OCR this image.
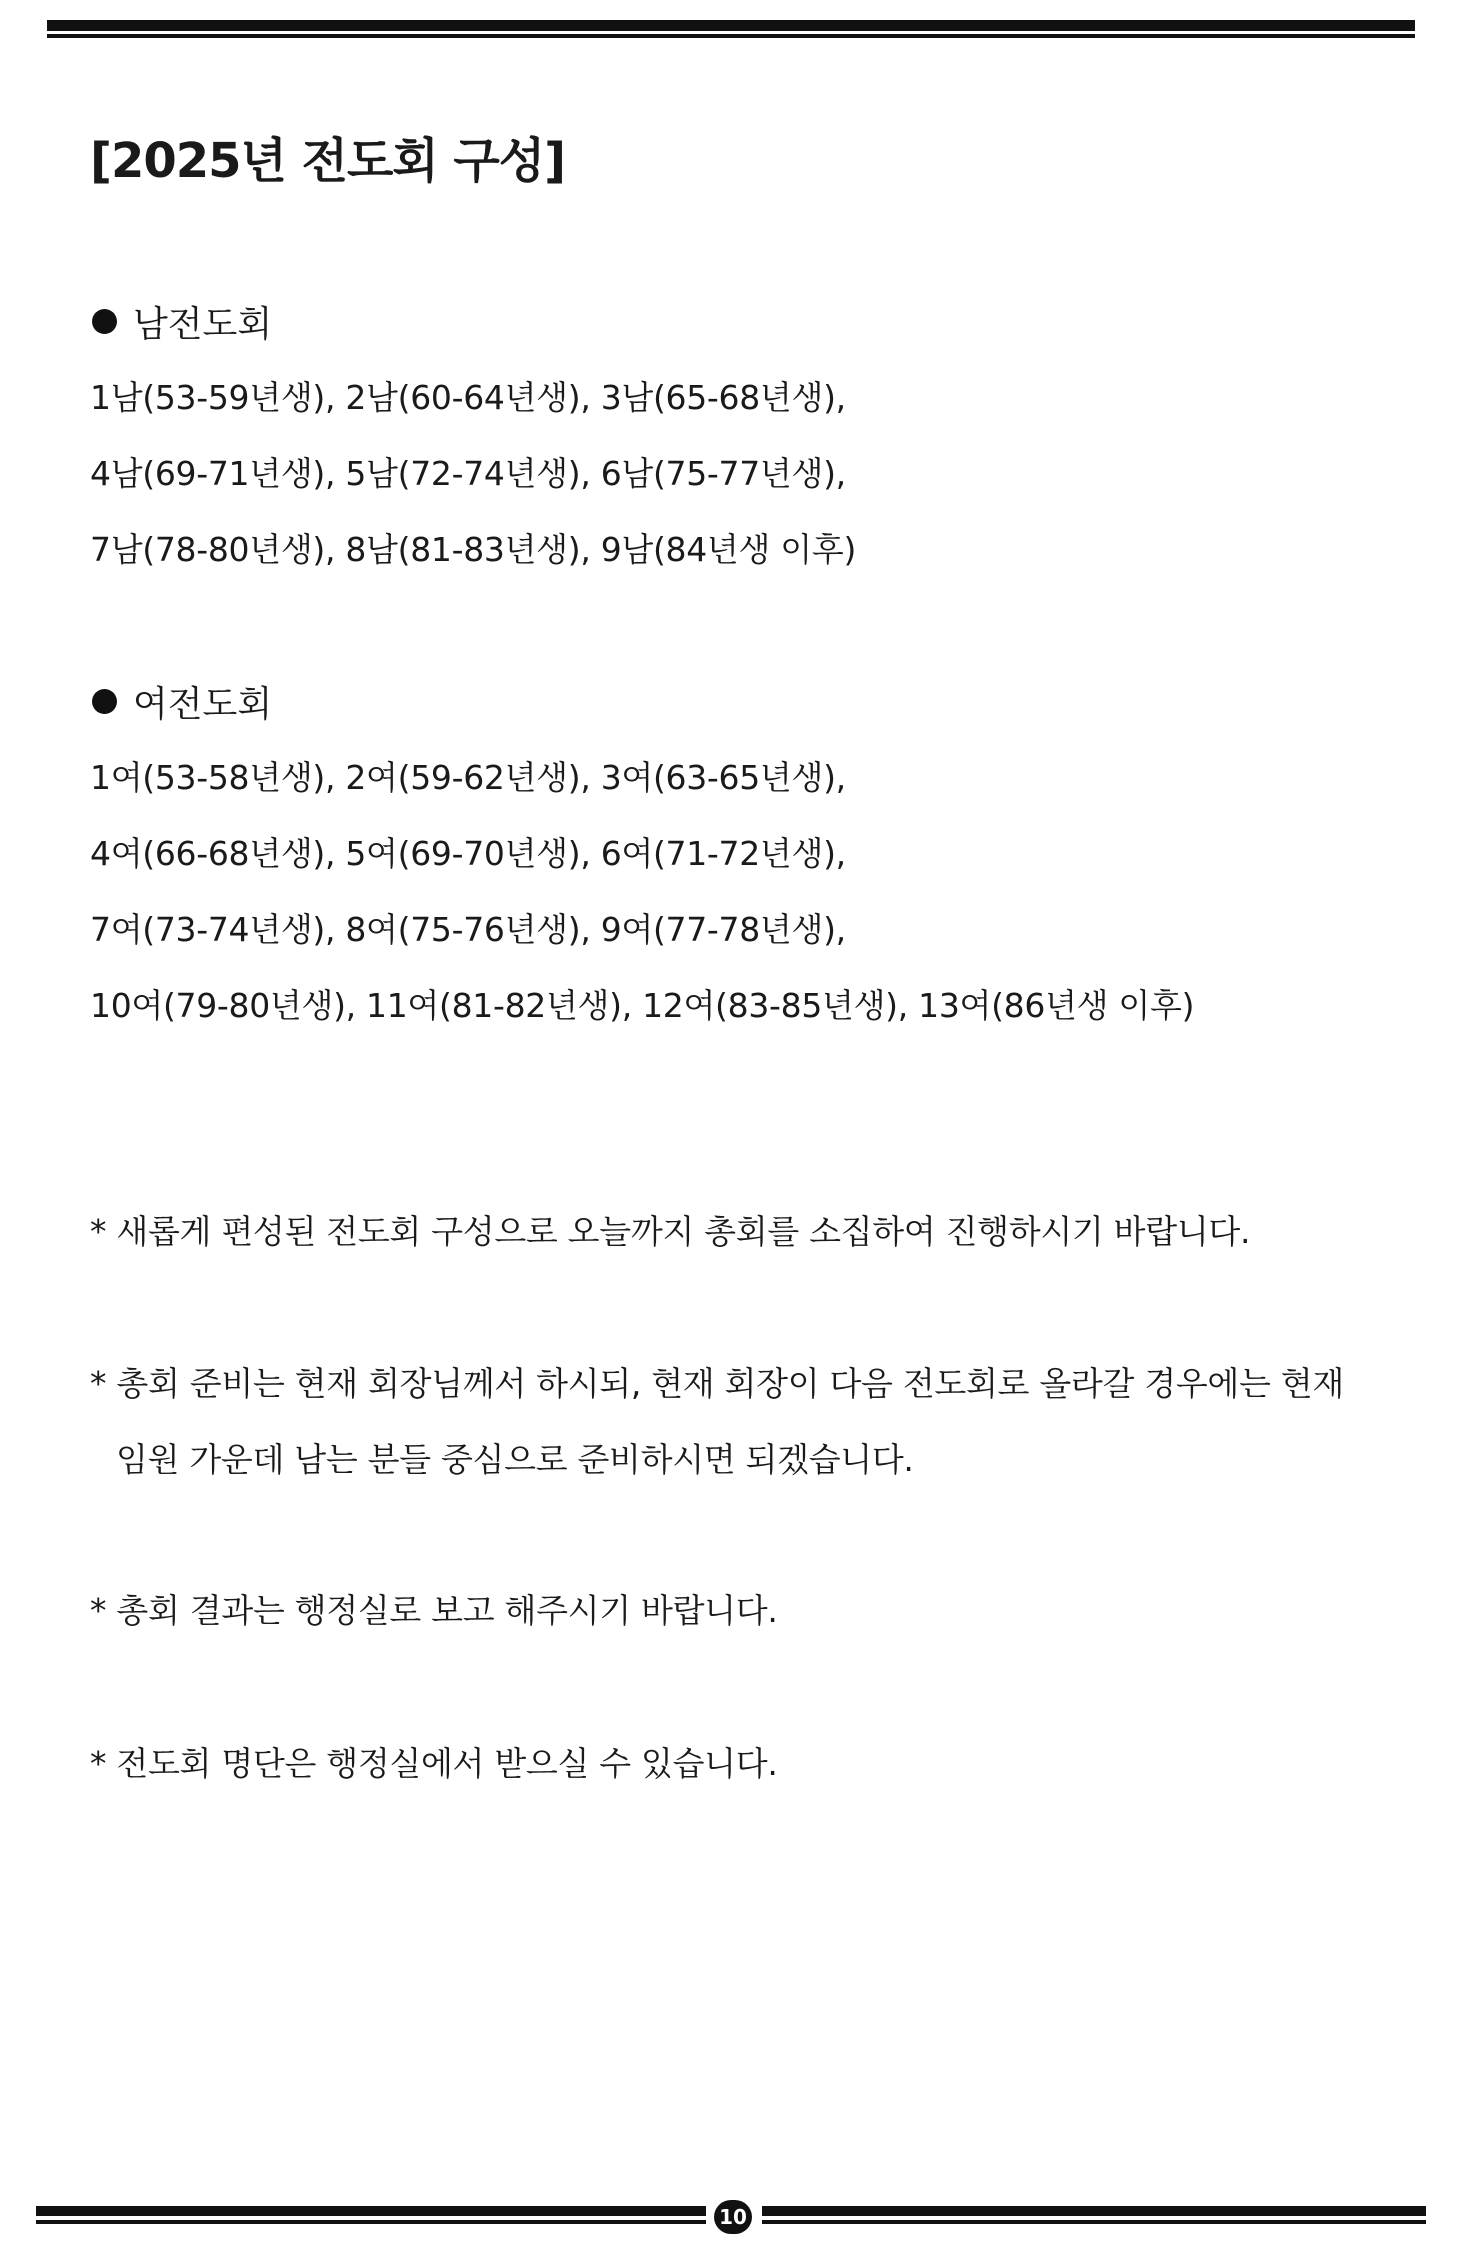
[2025년 전도회 구성]
남전도회
1남(53-59년생), 2남(60-64년생), 3남(65-68년생),
4남(69-71년생), 5남(72-74년생), 6남(75-77년생),
7남(78-80년생), 8남(81-83년생), 9남(84년생 이후)
여전도회
1여(53-58년생), 2여(59-62년생), 3여(63-65년생),
4여(66-68년생), 5여(69-70년생), 6여(71-72년생),
7여(73-74년생), 8여(75-76년생), 9여(77-78년생),
10여(79-80년생), 11여(81-82년생), 12여(83-85년생), 13여(86년생 이후)
* 새롭게 편성된 전도회 구성으로 오늘까지 총회를 소집하여 진행하시기 바랍니다.
* 총회 준비는 현재 회장님께서 하시되, 현재 회장이 다음 전도회로 올라갈 경우에는 현재
임원 가운데 남는 분들 중심으로 준비하시면 되겠습니다.
* 총회 결과는 행정실로 보고 해주시기 바랍니다.
* 전도회 명단은 행정실에서 받으실 수 있습니다.
10
